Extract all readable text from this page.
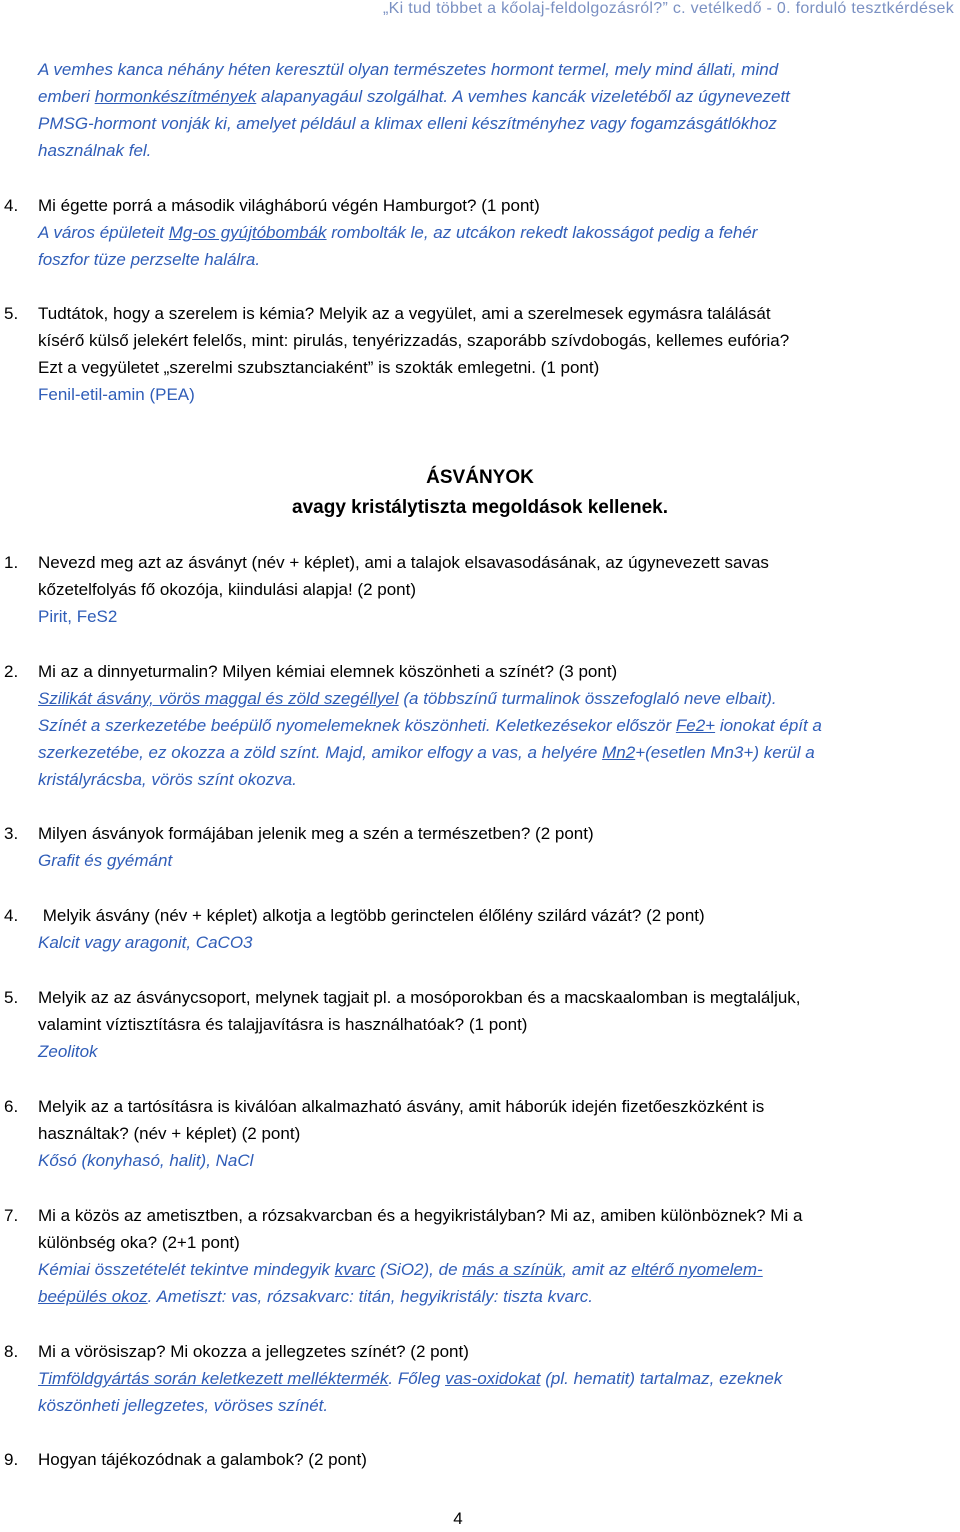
„Ki tud többet a kőolaj-feldolgozásról?” c. vetélkedő - 0. forduló tesztkérdések
A vemhes kanca néhány héten keresztül olyan természetes hormont termel, mely mind állati, mind
emberi hormonkészítmények alapanyagául szolgálhat. A vemhes kancák vizeletéből az úgynevezett
PMSG-hormont vonják ki, amelyet például a klimax elleni készítményhez vagy fogamzásgátlókhoz
használnak fel.
4. Mi égette porrá a második világháború végén Hamburgot? (1 pont)
A város épületeit Mg-os gyújtóbombák rombolták le, az utcákon rekedt lakosságot pedig a fehér
foszfor tüze perzselte halálra.
5. Tudtátok, hogy a szerelem is kémia? Melyik az a vegyület, ami a szerelmesek egymásra találását
kísérő külső jelekért felelős, mint: pirulás, tenyérizzadás, szaporább szívdobogás, kellemes eufória?
Ezt a vegyületet „szerelmi szubsztanciaként” is szokták emlegetni. (1 pont)
Fenil-etil-amin (PEA)
ÁSVÁNYOK
avagy kristálytiszta megoldások kellenek.
1. Nevezd meg azt az ásványt (név + képlet), ami a talajok elsavasodásának, az úgynevezett savas
kőzetelfolyás fő okozója, kiindulási alapja! (2 pont)
Pirit, FeS2
2. Mi az a dinnyeturmalin? Milyen kémiai elemnek köszönheti a színét? (3 pont)
Szilikát ásvány, vörös maggal és zöld szegéllyel (a többszínű turmalinok összefoglaló neve elbait).
Színét a szerkezetébe beépülő nyomelemeknek köszönheti. Keletkezésekor először Fe2+ ionokat épít a
szerkezetébe, ez okozza a zöld színt. Majd, amikor elfogy a vas, a helyére Mn2+(esetlen Mn3+) kerül a
kristályrácsba, vörös színt okozva.
3. Milyen ásványok formájában jelenik meg a szén a természetben? (2 pont)
Grafit és gyémánt
4. Melyik ásvány (név + képlet) alkotja a legtöbb gerinctelen élőlény szilárd vázát? (2 pont)
Kalcit vagy aragonit, CaCO3
5. Melyik az az ásványcsoport, melynek tagjait pl. a mosóporokban és a macskaalomban is megtaláljuk,
valamint víztisztításra és talajjavításra is használhatóak? (1 pont)
Zeolitok
6. Melyik az a tartósításra is kiválóan alkalmazható ásvány, amit háborúk idején fizetőeszközként is
használtak? (név + képlet) (2 pont)
Kősó (konyhasó, halit), NaCl
7. Mi a közös az ametisztben, a rózsakvarcban és a hegyikristályban? Mi az, amiben különböznek? Mi a
különbség oka? (2+1 pont)
Kémiai összetételét tekintve mindegyik kvarc (SiO2), de más a színük, amit az eltérő nyomelem-
beépülés okoz. Ametiszt: vas, rózsakvarc: titán, hegyikristály: tiszta kvarc.
8. Mi a vörösiszap? Mi okozza a jellegzetes színét? (2 pont)
Timföldgyártás során keletkezett melléktermék. Főleg vas-oxidokat (pl. hematit) tartalmaz, ezeknek
köszönheti jellegzetes, vöröses színét.
9. Hogyan tájékozódnak a galambok? (2 pont)
4
